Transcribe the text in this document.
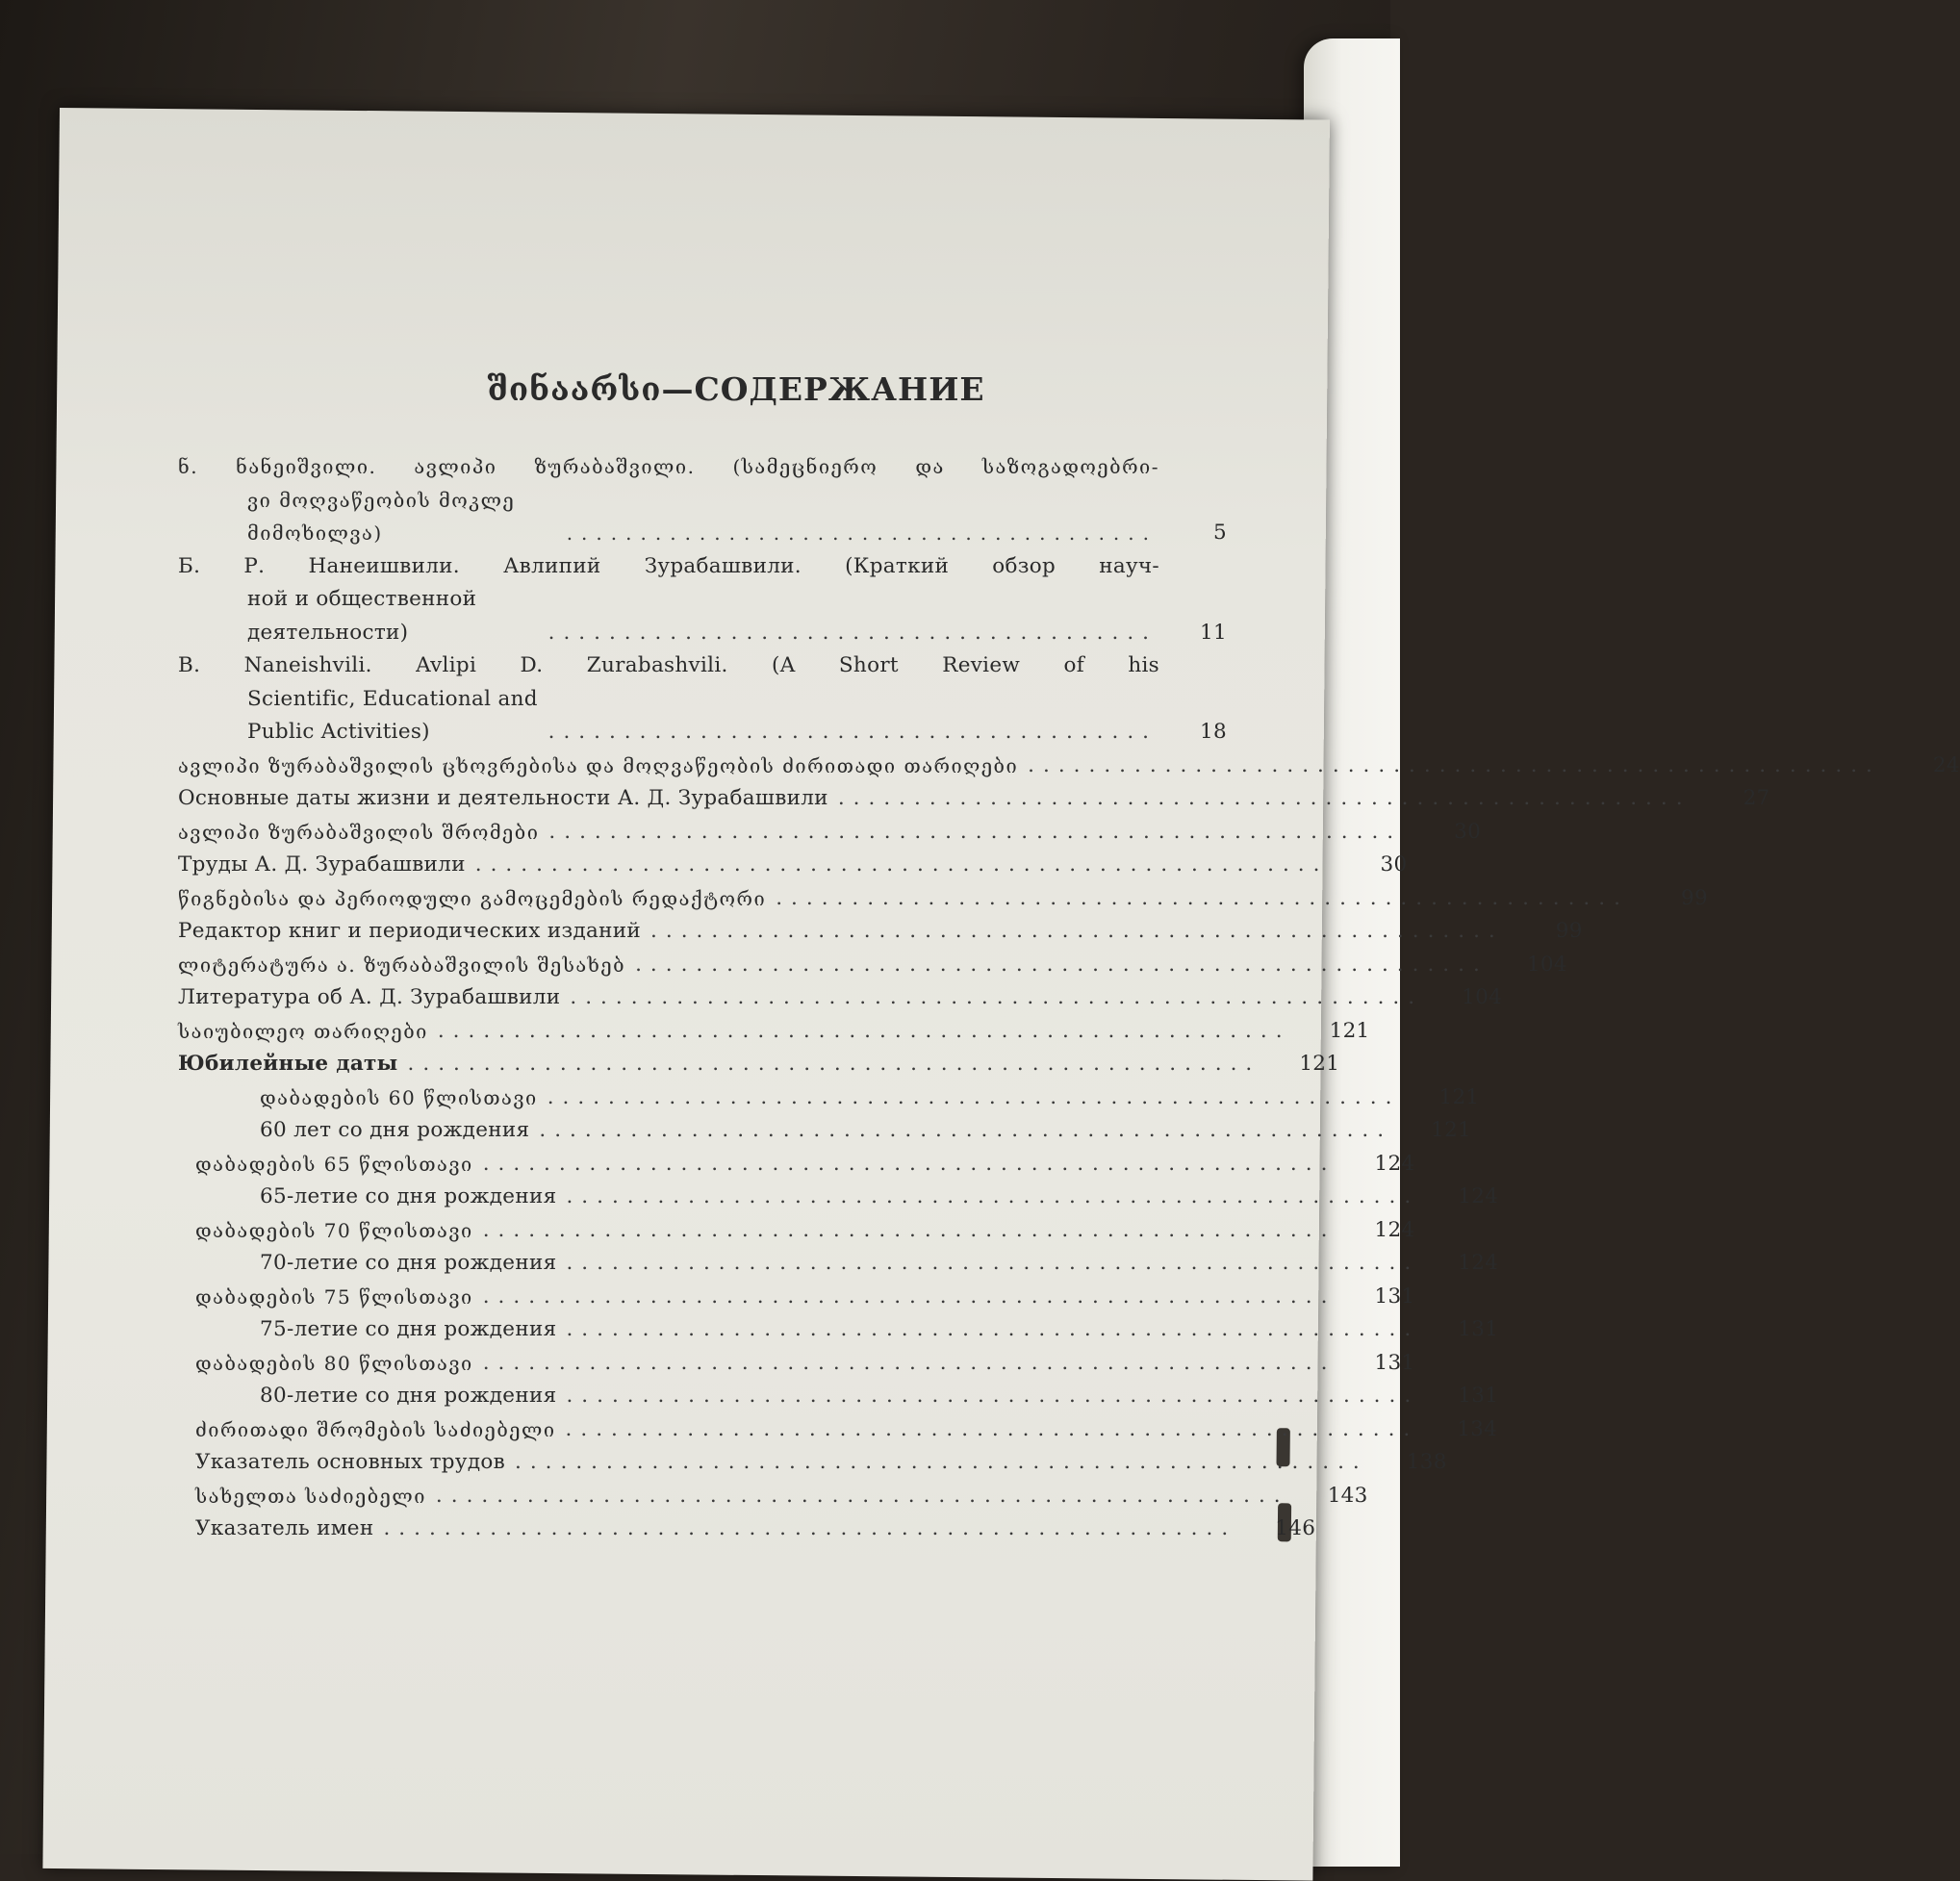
შინაარსი—СОДЕРЖАНИЕ
ნ. ნანეიშვილი. ავლიპი ზურაბაშვილი. (სამეცნიერო და საზოგადოებრი-
ვი მოღვაწეობის მოკლე მიმოხილვა)	........................................	5
Б. Р. Нанеишвили. Авлипий Зурабашвили. (Краткий обзор науч-
ной и общественной деятельности)	........................................	11
B. Naneishvili. Avlipi D. Zurabashvili. (A Short Review of his
Scientific, Educational and Public Activities)	........................................	18
ავლიპი ზურაბაშვილის ცხოვრებისა და მოღვაწეობის ძირითადი თარიღები ........................................................	24
Основные даты жизни и деятельности А. Д. Зурабашвили ........................................................	27
ავლიპი ზურაბაშვილის შრომები ........................................................	30
Труды А. Д. Зурабашвили ........................................................	30
წიგნებისა და პერიოდული გამოცემების რედაქტორი ........................................................	99
Редактор книг и периодических изданий ........................................................	99
ლიტერატურა ა. ზურაბაშვილის შესახებ ........................................................	104
Литература об А. Д. Зурабашвили ........................................................	104
საიუბილეო თარიღები ........................................................	121
Юбилейные даты ........................................................	121
დაბადების 60 წლისთავი ........................................................	121
60 лет со дня рождения ........................................................	121
დაბადების 65 წლისთავი ........................................................	124
65-летие со дня рождения ........................................................	124
დაბადების 70 წლისთავი ........................................................	124
70-летие со дня рождения ........................................................	124
დაბადების 75 წლისთავი ........................................................	131
75-летие со дня рождения ........................................................	131
დაბადების 80 წლისთავი ........................................................	131
80-летие со дня рождения ........................................................	131
ძირითადი შრომების საძიებელი ........................................................	134
Указатель основных трудов ........................................................	138
სახელთა საძიებელი ........................................................	143
Указатель имен ........................................................	146
